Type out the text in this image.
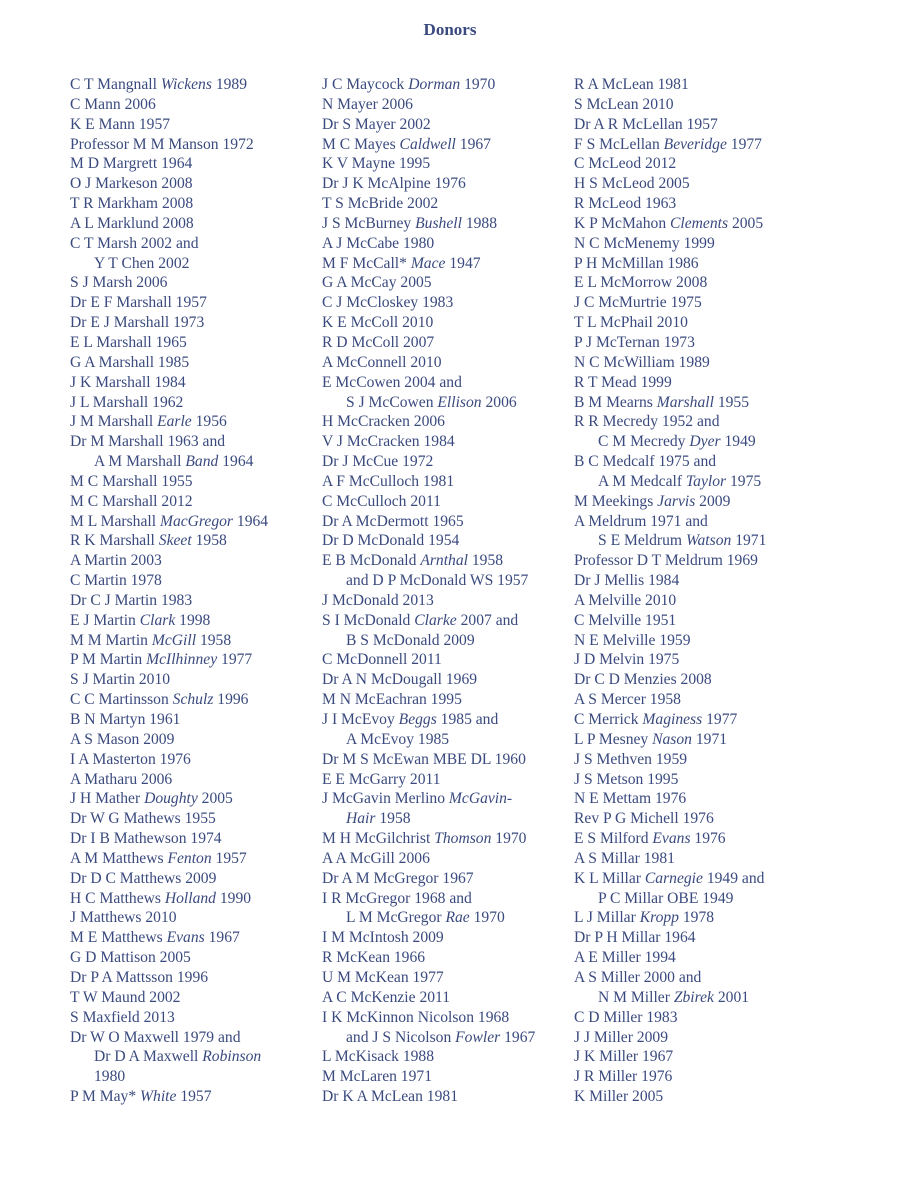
Donors
C T Mangnall Wickens 1989
C Mann 2006
K E Mann 1957
Professor M M Manson 1972
M D Margrett 1964
O J Markeson 2008
T R Markham 2008
A L Marklund 2008
C T Marsh 2002 and
Y T Chen 2002
S J Marsh 2006
Dr E F Marshall 1957
Dr E J Marshall 1973
E L Marshall 1965
G A Marshall 1985
J K Marshall 1984
J L Marshall 1962
J M Marshall Earle 1956
Dr M Marshall 1963 and
A M Marshall Band 1964
M C Marshall 1955
M C Marshall 2012
M L Marshall MacGregor 1964
R K Marshall Skeet 1958
A Martin 2003
C Martin 1978
Dr C J Martin 1983
E J Martin Clark 1998
M M Martin McGill 1958
P M Martin McIlhinney 1977
S J Martin 2010
C C Martinsson Schulz 1996
B N Martyn 1961
A S Mason 2009
I A Masterton 1976
A Matharu 2006
J H Mather Doughty 2005
Dr W G Mathews 1955
Dr I B Mathewson 1974
A M Matthews Fenton 1957
Dr D C Matthews 2009
H C Matthews Holland 1990
J Matthews 2010
M E Matthews Evans 1967
G D Mattison 2005
Dr P A Mattsson 1996
T W Maund 2002
S Maxfield 2013
Dr W O Maxwell 1979 and
Dr D A Maxwell Robinson
1980
P M May* White 1957
J C Maycock Dorman 1970
N Mayer 2006
Dr S Mayer 2002
M C Mayes Caldwell 1967
K V Mayne 1995
Dr J K McAlpine 1976
T S McBride 2002
J S McBurney Bushell 1988
A J McCabe 1980
M F McCall* Mace 1947
G A McCay 2005
C J McCloskey 1983
K E McColl 2010
R D McColl 2007
A McConnell 2010
E McCowen 2004 and
S J McCowen Ellison 2006
H McCracken 2006
V J McCracken 1984
Dr J McCue 1972
A F McCulloch 1981
C McCulloch 2011
Dr A McDermott 1965
Dr D McDonald 1954
E B McDonald Arnthal 1958
and D P McDonald WS 1957
J McDonald 2013
S I McDonald Clarke 2007 and
B S McDonald 2009
C McDonnell 2011
Dr A N McDougall 1969
M N McEachran 1995
J I McEvoy Beggs 1985 and
A McEvoy 1985
Dr M S McEwan MBE DL 1960
E E McGarry 2011
J McGavin Merlino McGavin-
Hair 1958
M H McGilchrist Thomson 1970
A A McGill 2006
Dr A M McGregor 1967
I R McGregor 1968 and
L M McGregor Rae 1970
I M McIntosh 2009
R McKean 1966
U M McKean 1977
A C McKenzie 2011
I K McKinnon Nicolson 1968
and J S Nicolson Fowler 1967
L McKisack 1988
M McLaren 1971
Dr K A McLean 1981
R A McLean 1981
S McLean 2010
Dr A R McLellan 1957
F S McLellan Beveridge 1977
C McLeod 2012
H S McLeod 2005
R McLeod 1963
K P McMahon Clements 2005
N C McMenemy 1999
P H McMillan 1986
E L McMorrow 2008
J C McMurtrie 1975
T L McPhail 2010
P J McTernan 1973
N C McWilliam 1989
R T Mead 1999
B M Mearns Marshall 1955
R R Mecredy 1952 and
C M Mecredy Dyer 1949
B C Medcalf 1975 and
A M Medcalf Taylor 1975
M Meekings Jarvis 2009
A Meldrum 1971 and
S E Meldrum Watson 1971
Professor D T Meldrum 1969
Dr J Mellis 1984
A Melville 2010
C Melville 1951
N E Melville 1959
J D Melvin 1975
Dr C D Menzies 2008
A S Mercer 1958
C Merrick Maginess 1977
L P Mesney Nason 1971
J S Methven 1959
J S Metson 1995
N E Mettam 1976
Rev P G Michell 1976
E S Milford Evans 1976
A S Millar 1981
K L Millar Carnegie 1949 and
P C Millar OBE 1949
L J Millar Kropp 1978
Dr P H Millar 1964
A E Miller 1994
A S Miller 2000 and
N M Miller Zbirek 2001
C D Miller 1983
J J Miller 2009
J K Miller 1967
J R Miller 1976
K Miller 2005
